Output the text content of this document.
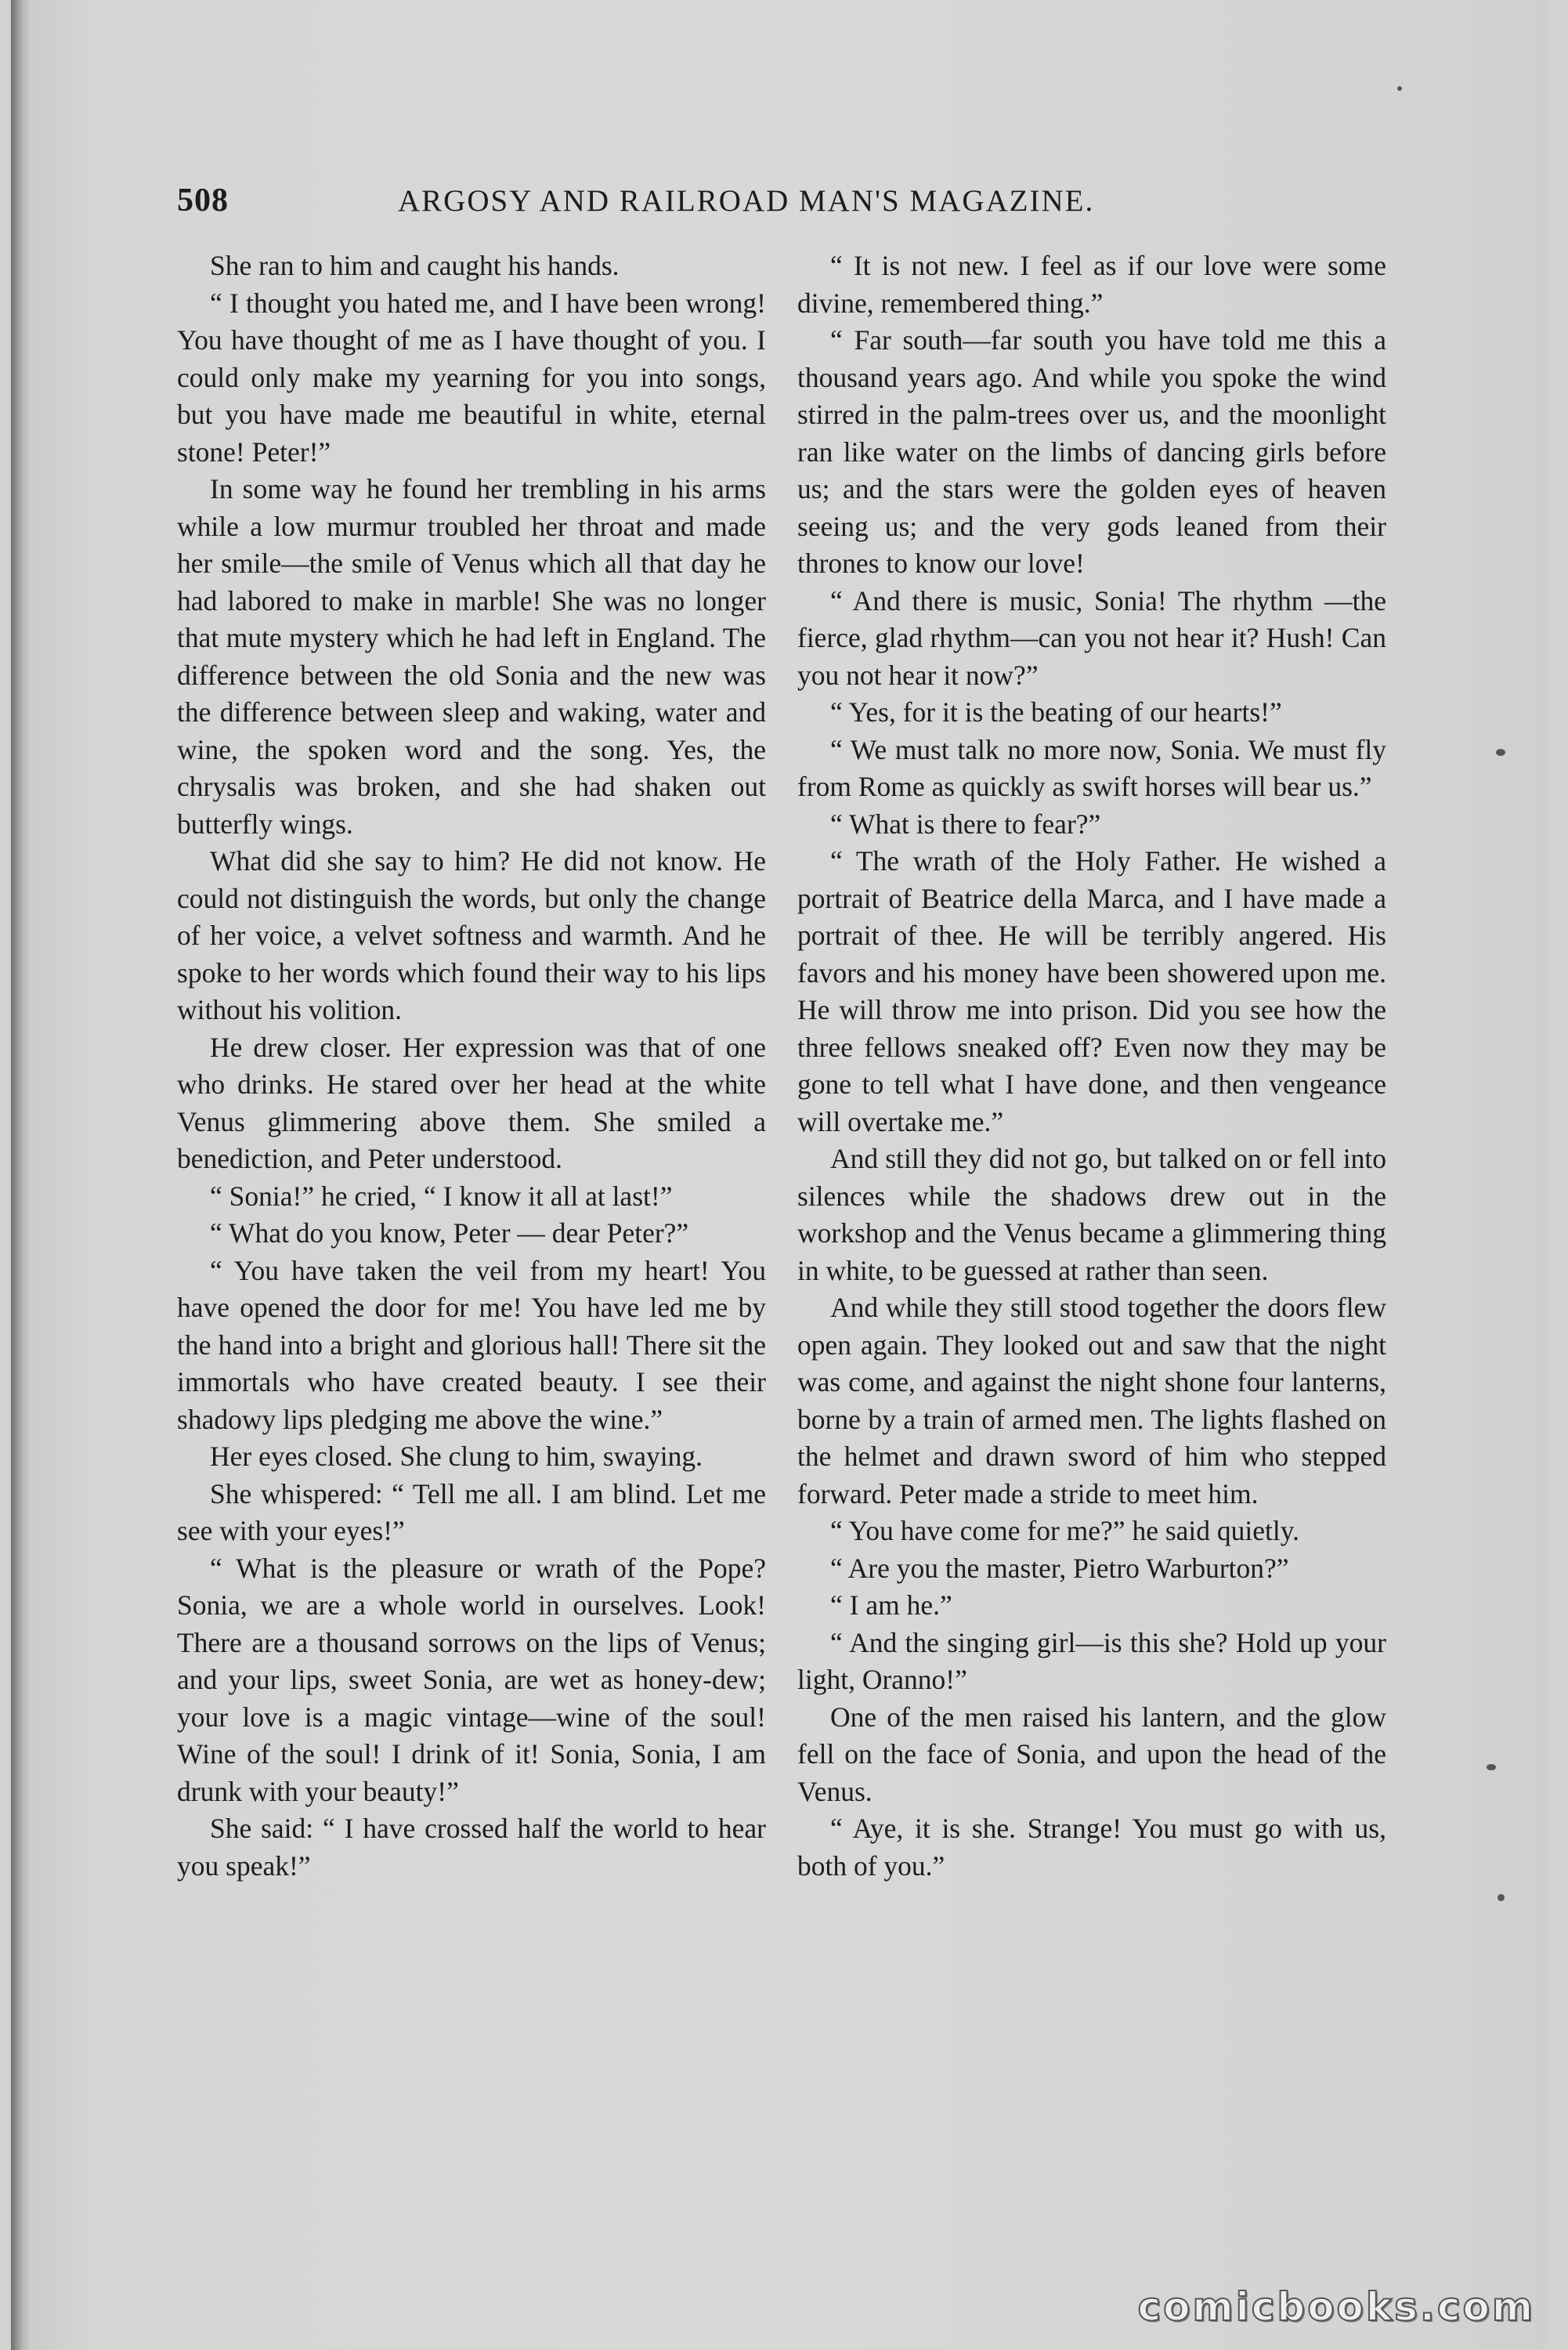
508	ARGOSY AND RAILROAD MAN'S MAGAZINE.

She ran to him and caught his hands.

“ I thought you hated me, and I have been wrong! You have thought of me as I have thought of you. I could only make my yearning for you into songs, but you have made me beautiful in white, eternal stone! Peter!”

In some way he found her trembling in his arms while a low murmur troubled her throat and made her smile—the smile of Venus which all that day he had labored to make in marble! She was no longer that mute mystery which he had left in England. The difference between the old Sonia and the new was the difference between sleep and waking, water and wine, the spoken word and the song. Yes, the chrysalis was broken, and she had shaken out butterfly wings.

What did she say to him? He did not know. He could not distinguish the words, but only the change of her voice, a velvet softness and warmth. And he spoke to her words which found their way to his lips without his volition.

He drew closer. Her expression was that of one who drinks. He stared over her head at the white Venus glimmering above them. She smiled a benediction, and Peter understood.

“ Sonia!” he cried, “ I know it all at last!”

“ What do you know, Peter — dear Peter?”

“ You have taken the veil from my heart! You have opened the door for me! You have led me by the hand into a bright and glorious hall! There sit the immortals who have created beauty. I see their shadowy lips pledging me above the wine.”

Her eyes closed. She clung to him, swaying.

She whispered: “ Tell me all. I am blind. Let me see with your eyes!”

“ What is the pleasure or wrath of the Pope? Sonia, we are a whole world in ourselves. Look! There are a thousand sorrows on the lips of Venus; and your lips, sweet Sonia, are wet as honey-dew; your love is a magic vintage—wine of the soul! Wine of the soul! I drink of it! Sonia, Sonia, I am drunk with your beauty!”

She said: “ I have crossed half the world to hear you speak!”

“ It is not new. I feel as if our love were some divine, remembered thing.”

“ Far south—far south you have told me this a thousand years ago. And while you spoke the wind stirred in the palm-trees over us, and the moonlight ran like water on the limbs of dancing girls before us; and the stars were the golden eyes of heaven seeing us; and the very gods leaned from their thrones to know our love!

“ And there is music, Sonia! The rhythm —the fierce, glad rhythm—can you not hear it? Hush! Can you not hear it now?”

“ Yes, for it is the beating of our hearts!”

“ We must talk no more now, Sonia. We must fly from Rome as quickly as swift horses will bear us.”

“ What is there to fear?”

“ The wrath of the Holy Father. He wished a portrait of Beatrice della Marca, and I have made a portrait of thee. He will be terribly angered. His favors and his money have been showered upon me. He will throw me into prison. Did you see how the three fellows sneaked off? Even now they may be gone to tell what I have done, and then vengeance will overtake me.”

And still they did not go, but talked on or fell into silences while the shadows drew out in the workshop and the Venus became a glimmering thing in white, to be guessed at rather than seen.

And while they still stood together the doors flew open again. They looked out and saw that the night was come, and against the night shone four lanterns, borne by a train of armed men. The lights flashed on the helmet and drawn sword of him who stepped forward. Peter made a stride to meet him.

“ You have come for me?” he said quietly.

“ Are you the master, Pietro Warburton?”

“ I am he.”

“ And the singing girl—is this she? Hold up your light, Oranno!”

One of the men raised his lantern, and the glow fell on the face of Sonia, and upon the head of the Venus.

“ Aye, it is she. Strange! You must go with us, both of you.”

comicbooks.com
